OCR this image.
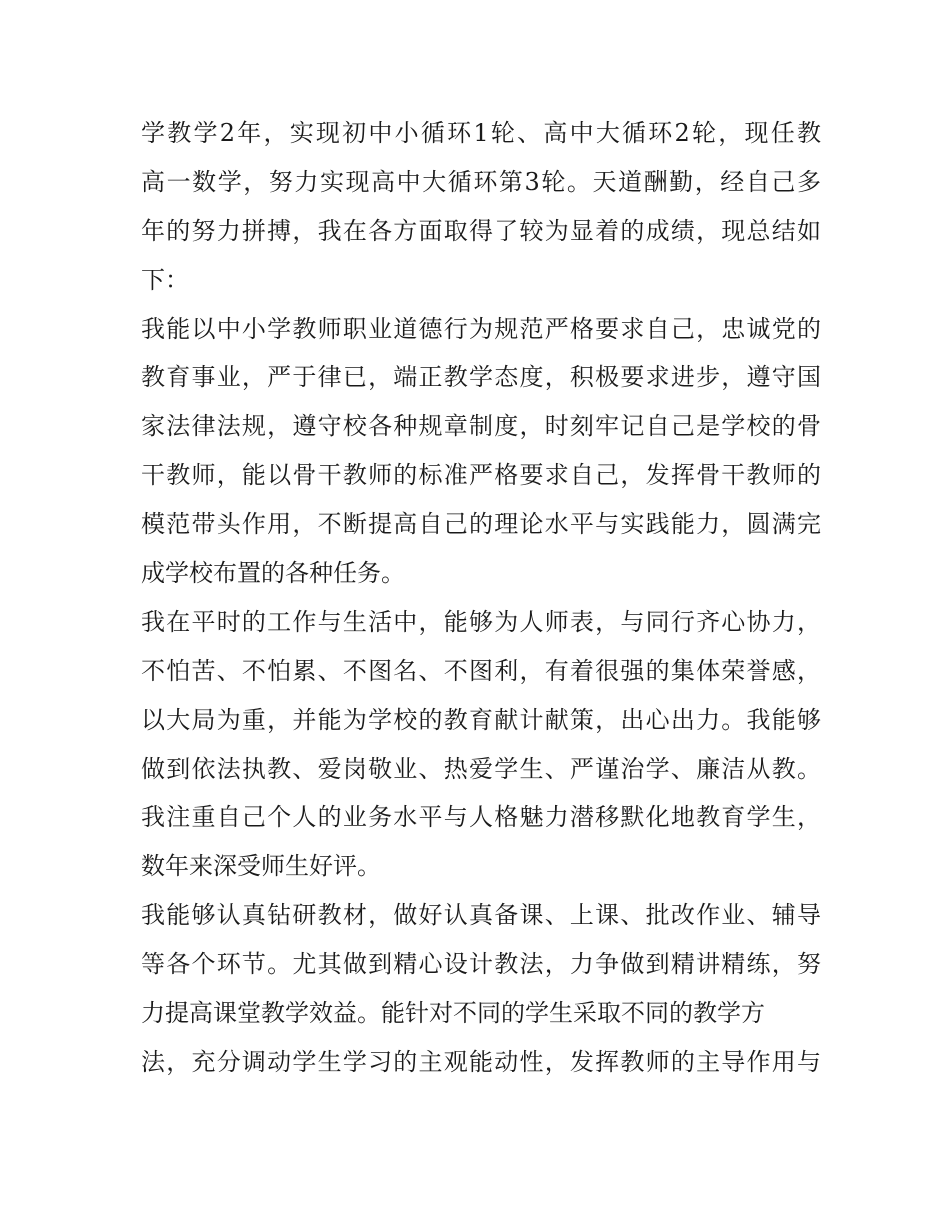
学教学2年，实现初中小循环1轮、高中大循环2轮，现任教
高一数学，努力实现高中大循环第3轮。天道酬勤，经自己多
年的努力拼搏，我在各方面取得了较为显着的成绩，现总结如
下：
我能以中小学教师职业道德行为规范严格要求自己，忠诚党的
教育事业，严于律已，端正教学态度，积极要求进步，遵守国
家法律法规，遵守校各种规章制度，时刻牢记自己是学校的骨
干教师，能以骨干教师的标准严格要求自己，发挥骨干教师的
模范带头作用，不断提高自己的理论水平与实践能力，圆满完
成学校布置的各种任务。
我在平时的工作与生活中，能够为人师表，与同行齐心协力，
不怕苦、不怕累、不图名、不图利，有着很强的集体荣誉感，
以大局为重，并能为学校的教育献计献策，出心出力。我能够
做到依法执教、爱岗敬业、热爱学生、严谨治学、廉洁从教。
我注重自己个人的业务水平与人格魅力潜移默化地教育学生，
数年来深受师生好评。
我能够认真钻研教材，做好认真备课、上课、批改作业、辅导
等各个环节。尤其做到精心设计教法，力争做到精讲精练，努
力提高课堂教学效益。能针对不同的学生采取不同的教学方
法，充分调动学生学习的主观能动性，发挥教师的主导作用与
